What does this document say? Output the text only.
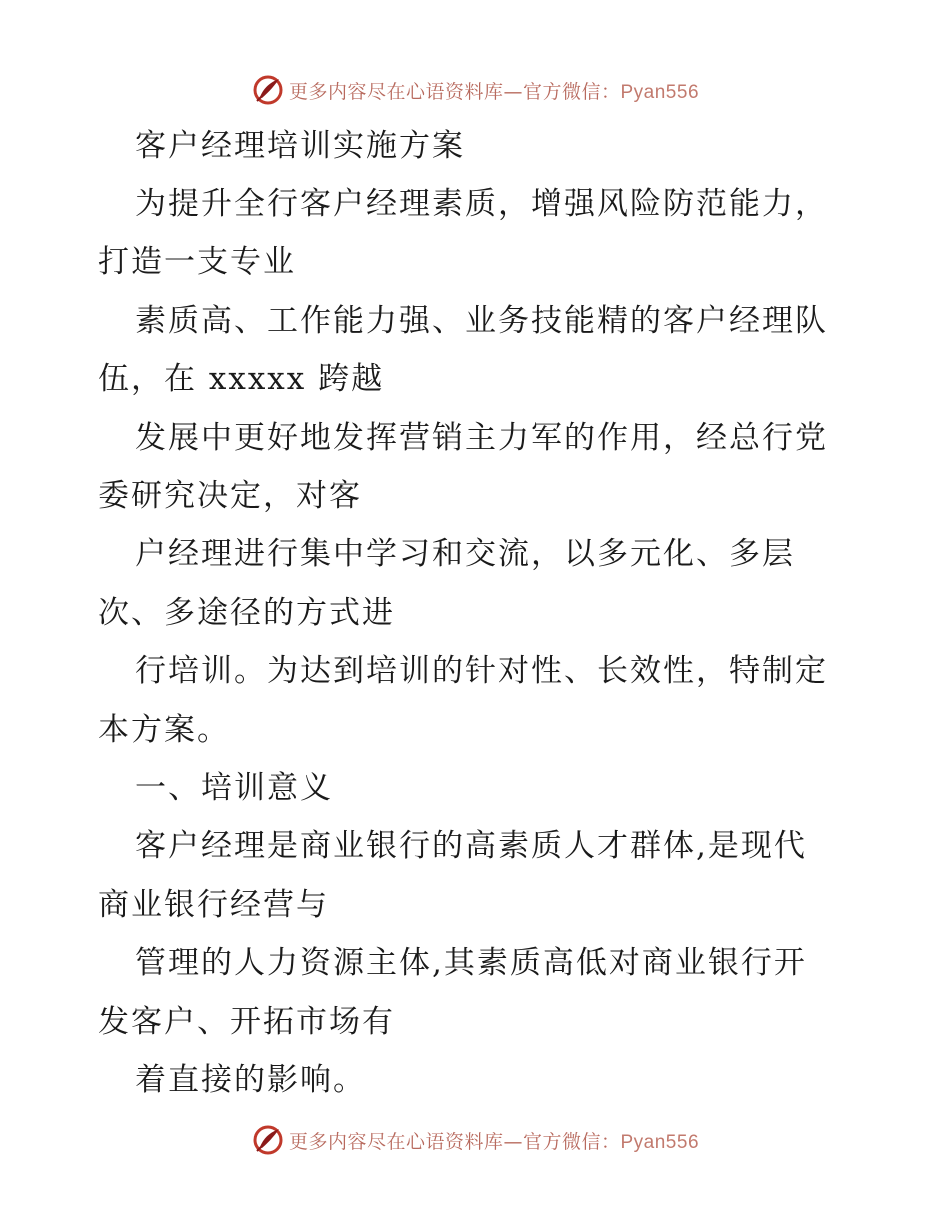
更多内容尽在心语资料库—官方微信：Pyan556
客户经理培训实施方案
为提升全行客户经理素质，增强风险防范能力，
打造一支专业
素质高、工作能力强、业务技能精的客户经理队
伍，在 xxxxx 跨越
发展中更好地发挥营销主力军的作用，经总行党
委研究决定，对客
户经理进行集中学习和交流，以多元化、多层
次、多途径的方式进
行培训。为达到培训的针对性、长效性，特制定
本方案。
一、培训意义
客户经理是商业银行的高素质人才群体,是现代
商业银行经营与
管理的人力资源主体,其素质高低对商业银行开
发客户、开拓市场有
着直接的影响。
更多内容尽在心语资料库—官方微信：Pyan556
